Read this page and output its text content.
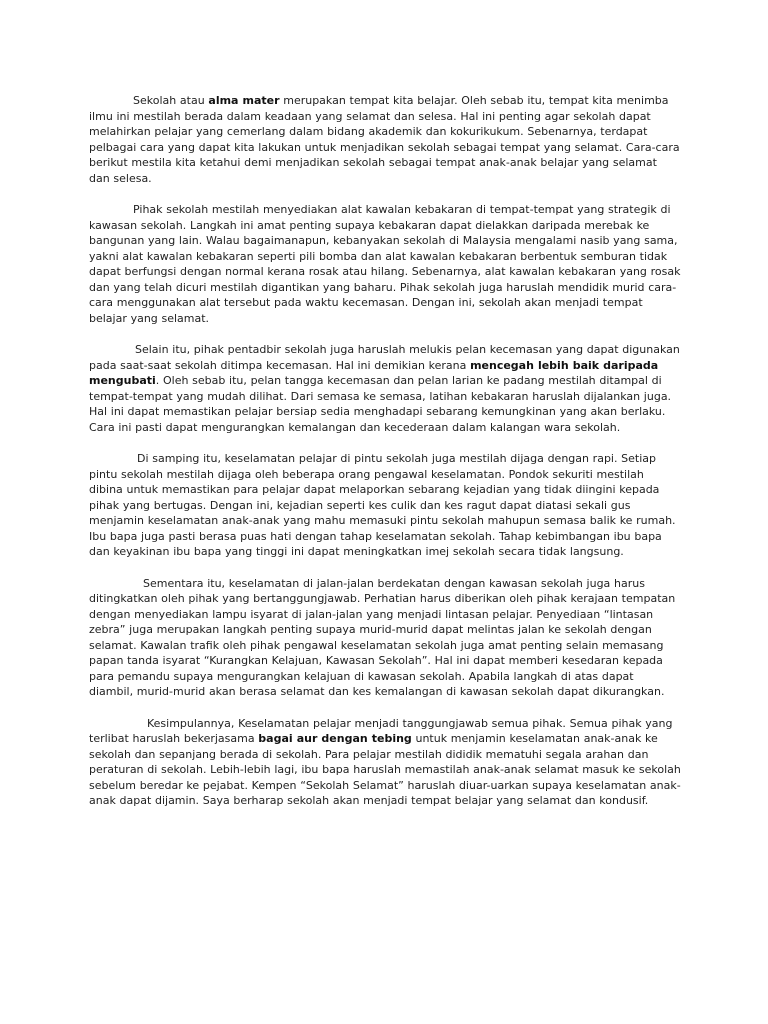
Sekolah atau alma mater merupakan tempat kita belajar. Oleh sebab itu, tempat kita menimba ilmu ini mestilah berada dalam keadaan yang selamat dan selesa. Hal ini penting agar sekolah dapat melahirkan pelajar yang cemerlang dalam bidang akademik dan kokurikukum. Sebenarnya, terdapat pelbagai cara yang dapat kita lakukan untuk menjadikan sekolah sebagai tempat yang selamat. Cara-cara berikut mestila kita ketahui demi menjadikan sekolah sebagai tempat anak-anak belajar yang selamat dan selesa.

Pihak sekolah mestilah menyediakan alat kawalan kebakaran di tempat-tempat yang strategik di kawasan sekolah. Langkah ini amat penting supaya kebakaran dapat dielakkan daripada merebak ke bangunan yang lain. Walau bagaimanapun, kebanyakan sekolah di Malaysia mengalami nasib yang sama, yakni alat kawalan kebakaran seperti pili bomba dan alat kawalan kebakaran berbentuk semburan tidak dapat berfungsi dengan normal kerana rosak atau hilang. Sebenarnya, alat kawalan kebakaran yang rosak dan yang telah dicuri mestilah digantikan yang baharu. Pihak sekolah juga haruslah mendidik murid cara-cara menggunakan alat tersebut pada waktu kecemasan. Dengan ini, sekolah akan menjadi tempat belajar yang selamat.

Selain itu, pihak pentadbir sekolah juga haruslah melukis pelan kecemasan yang dapat digunakan pada saat-saat sekolah ditimpa kecemasan. Hal ini demikian kerana mencegah lebih baik daripada mengubati. Oleh sebab itu, pelan tangga kecemasan dan pelan larian ke padang mestilah ditampal di tempat-tempat yang mudah dilihat. Dari semasa ke semasa, latihan kebakaran haruslah dijalankan juga. Hal ini dapat memastikan pelajar bersiap sedia menghadapi sebarang kemungkinan yang akan berlaku. Cara ini pasti dapat mengurangkan kemalangan dan kecederaan dalam kalangan wara sekolah.

Di samping itu, keselamatan pelajar di pintu sekolah juga mestilah dijaga dengan rapi. Setiap pintu sekolah mestilah dijaga oleh beberapa orang pengawal keselamatan. Pondok sekuriti mestilah dibina untuk memastikan para pelajar dapat melaporkan sebarang kejadian yang tidak diingini kepada pihak yang bertugas. Dengan ini, kejadian seperti kes culik dan kes ragut dapat diatasi sekali gus menjamin keselamatan anak-anak yang mahu memasuki pintu sekolah mahupun semasa balik ke rumah. Ibu bapa juga pasti berasa puas hati dengan tahap keselamatan sekolah. Tahap kebimbangan ibu bapa dan keyakinan ibu bapa yang tinggi ini dapat meningkatkan imej sekolah secara tidak langsung.

Sementara itu, keselamatan di jalan-jalan berdekatan dengan kawasan sekolah juga harus ditingkatkan oleh pihak yang bertanggungjawab. Perhatian harus diberikan oleh pihak kerajaan tempatan dengan menyediakan lampu isyarat di jalan-jalan yang menjadi lintasan pelajar. Penyediaan “lintasan zebra” juga merupakan langkah penting supaya murid-murid dapat melintas jalan ke sekolah dengan selamat. Kawalan trafik oleh pihak pengawal keselamatan sekolah juga amat penting selain memasang papan tanda isyarat “Kurangkan Kelajuan, Kawasan Sekolah”. Hal ini dapat memberi kesedaran kepada para pemandu supaya mengurangkan kelajuan di kawasan sekolah. Apabila langkah di atas dapat diambil, murid-murid akan berasa selamat dan kes kemalangan di kawasan sekolah dapat dikurangkan.

Kesimpulannya, Keselamatan pelajar menjadi tanggungjawab semua pihak. Semua pihak yang terlibat haruslah bekerjasama bagai aur dengan tebing untuk menjamin keselamatan anak-anak ke sekolah dan sepanjang berada di sekolah. Para pelajar mestilah dididik mematuhi segala arahan dan peraturan di sekolah. Lebih-lebih lagi, ibu bapa haruslah memastilah anak-anak selamat masuk ke sekolah sebelum beredar ke pejabat. Kempen “Sekolah Selamat” haruslah diuar-uarkan supaya keselamatan anak-anak dapat dijamin. Saya berharap sekolah akan menjadi tempat belajar yang selamat dan kondusif.
